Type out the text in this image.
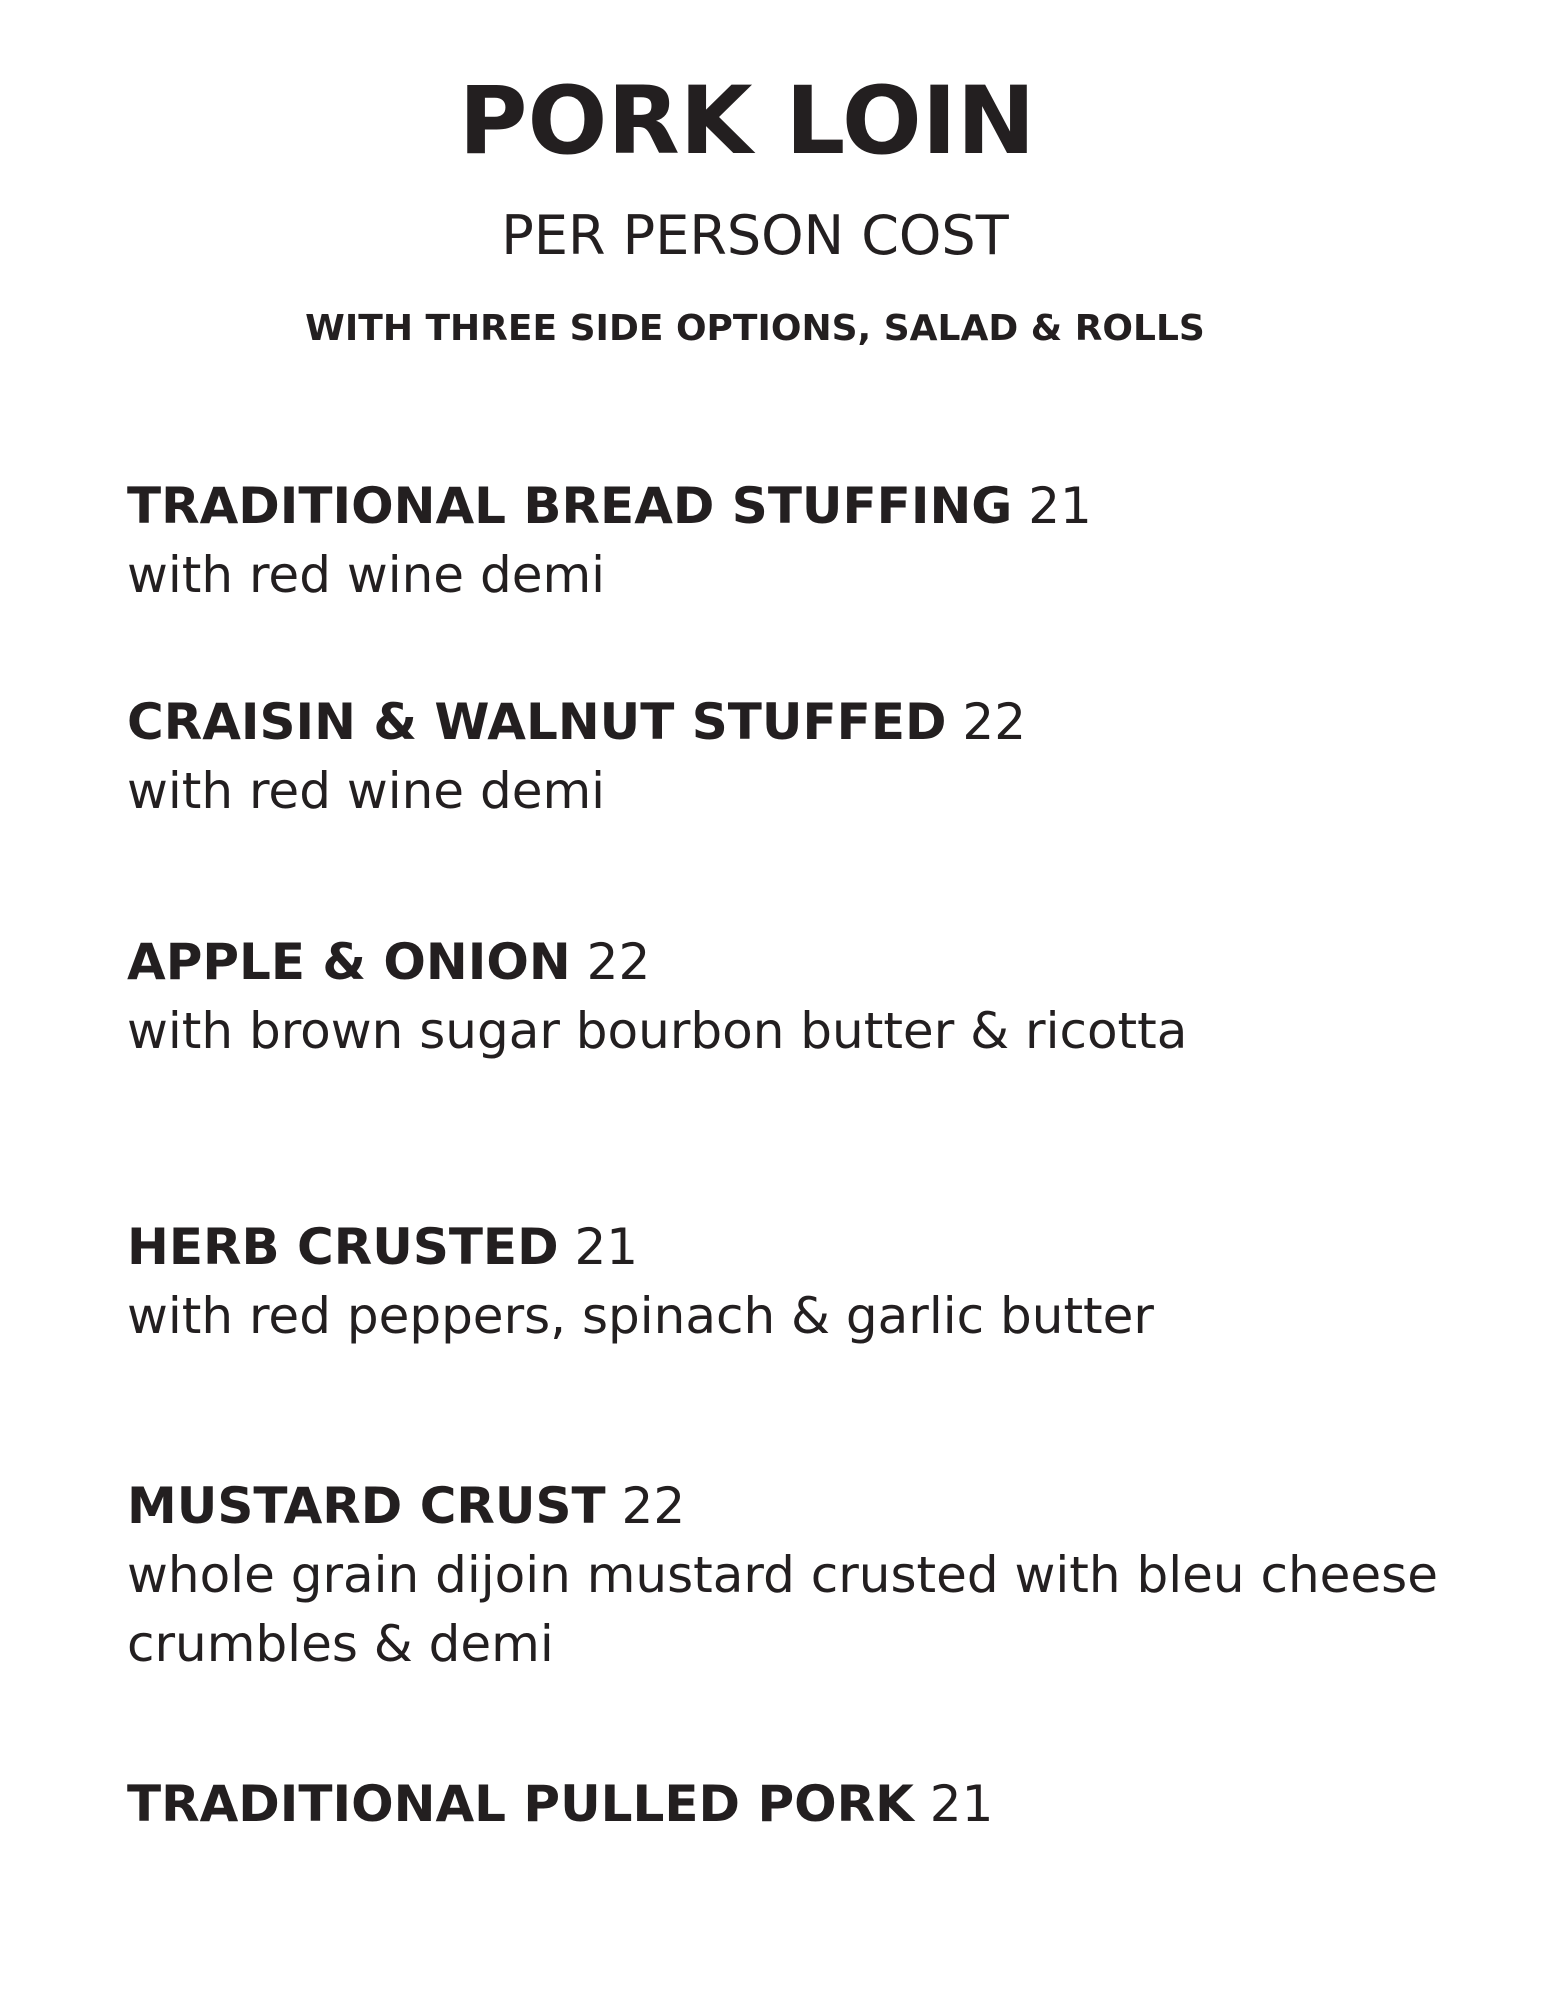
PORK LOIN
PER PERSON COST
WITH THREE SIDE OPTIONS, SALAD & ROLLS
TRADITIONAL BREAD STUFFING 21
with red wine demi
CRAISIN & WALNUT STUFFED 22
with red wine demi
APPLE & ONION 22
with brown sugar bourbon butter & ricotta
HERB CRUSTED 21
with red peppers, spinach & garlic butter
MUSTARD CRUST 22
whole grain dijoin mustard crusted with bleu cheese crumbles & demi
TRADITIONAL PULLED PORK 21
